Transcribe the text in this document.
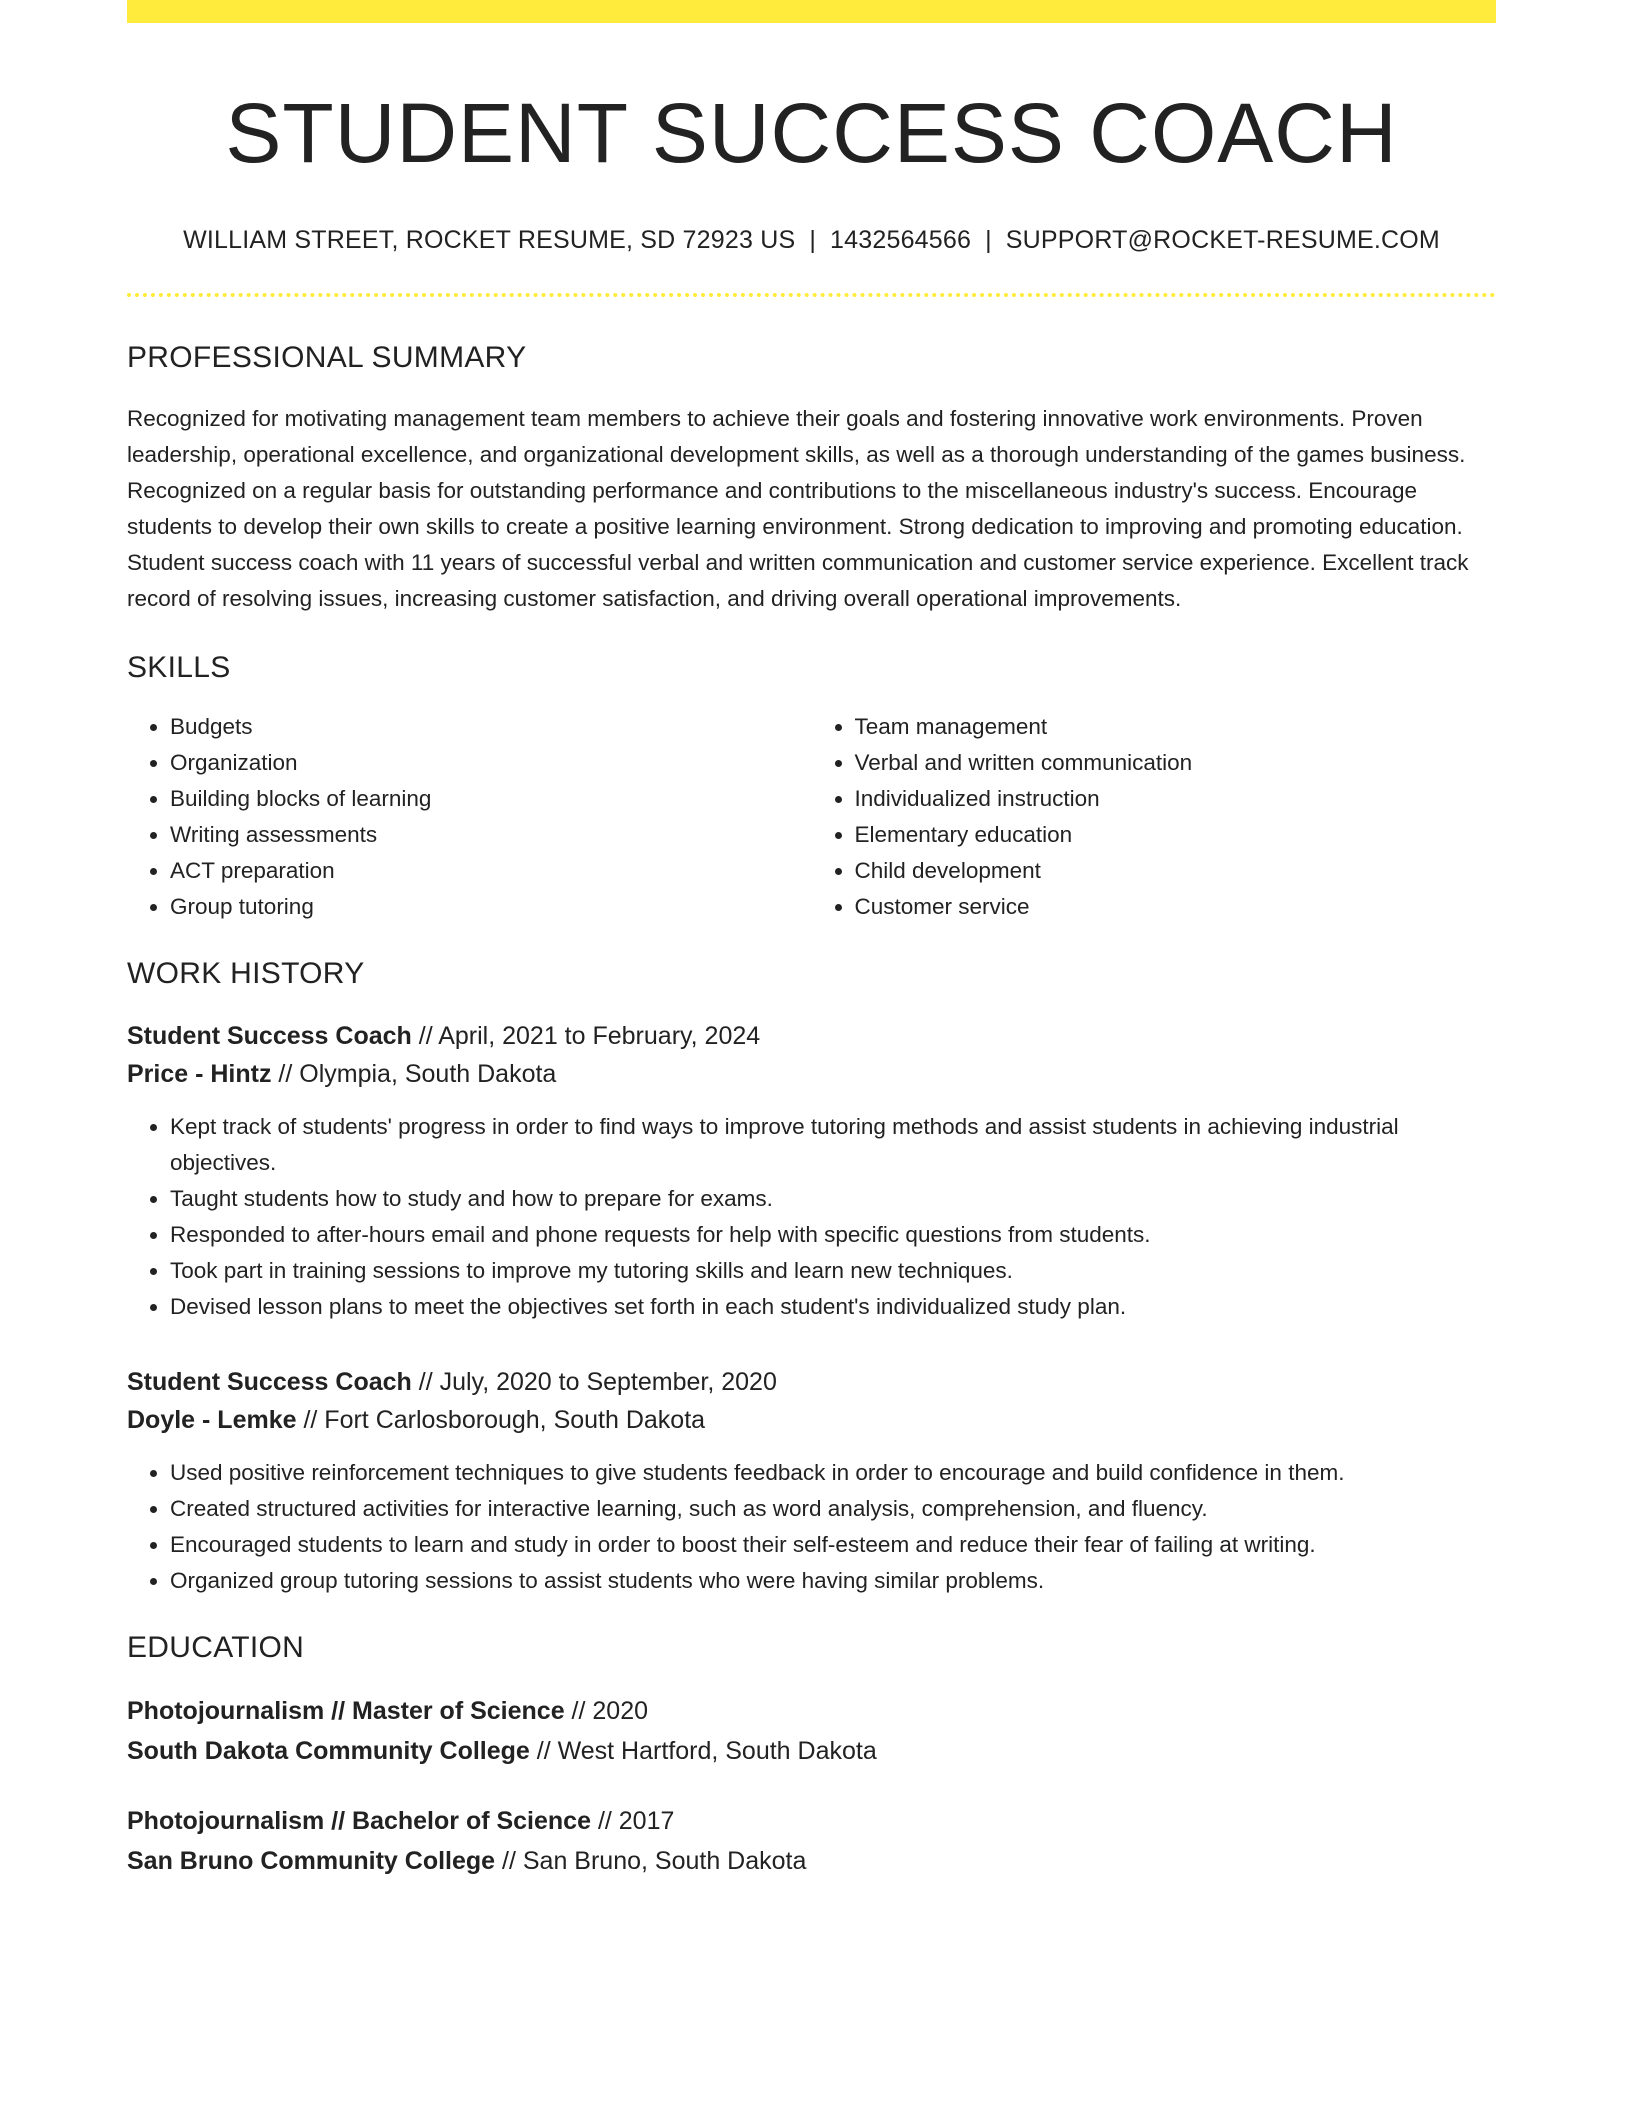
STUDENT SUCCESS COACH
WILLIAM STREET, ROCKET RESUME, SD 72923 US | 1432564566 | SUPPORT@ROCKET-RESUME.COM
PROFESSIONAL SUMMARY

Recognized for motivating management team members to achieve their goals and fostering innovative work environments. Proven leadership, operational excellence, and organizational development skills, as well as a thorough understanding of the games business. Recognized on a regular basis for outstanding performance and contributions to the miscellaneous industry's success. Encourage students to develop their own skills to create a positive learning environment. Strong dedication to improving and promoting education. Student success coach with 11 years of successful verbal and written communication and customer service experience. Excellent track record of resolving issues, increasing customer satisfaction, and driving overall operational improvements.

SKILLS
• Budgets
• Organization
• Building blocks of learning
• Writing assessments
• ACT preparation
• Group tutoring
• Team management
• Verbal and written communication
• Individualized instruction
• Elementary education
• Child development
• Customer service
WORK HISTORY
Student Success Coach // April, 2021 to February, 2024
Price - Hintz // Olympia, South Dakota
• Kept track of students' progress in order to find ways to improve tutoring methods and assist students in achieving industrial objectives.
• Taught students how to study and how to prepare for exams.
• Responded to after-hours email and phone requests for help with specific questions from students.
• Took part in training sessions to improve my tutoring skills and learn new techniques.
• Devised lesson plans to meet the objectives set forth in each student's individualized study plan.
Student Success Coach // July, 2020 to September, 2020
Doyle - Lemke // Fort Carlosborough, South Dakota
• Used positive reinforcement techniques to give students feedback in order to encourage and build confidence in them.
• Created structured activities for interactive learning, such as word analysis, comprehension, and fluency.
• Encouraged students to learn and study in order to boost their self-esteem and reduce their fear of failing at writing.
• Organized group tutoring sessions to assist students who were having similar problems.
EDUCATION
Photojournalism // Master of Science // 2020
South Dakota Community College // West Hartford, South Dakota
Photojournalism // Bachelor of Science // 2017
San Bruno Community College // San Bruno, South Dakota
